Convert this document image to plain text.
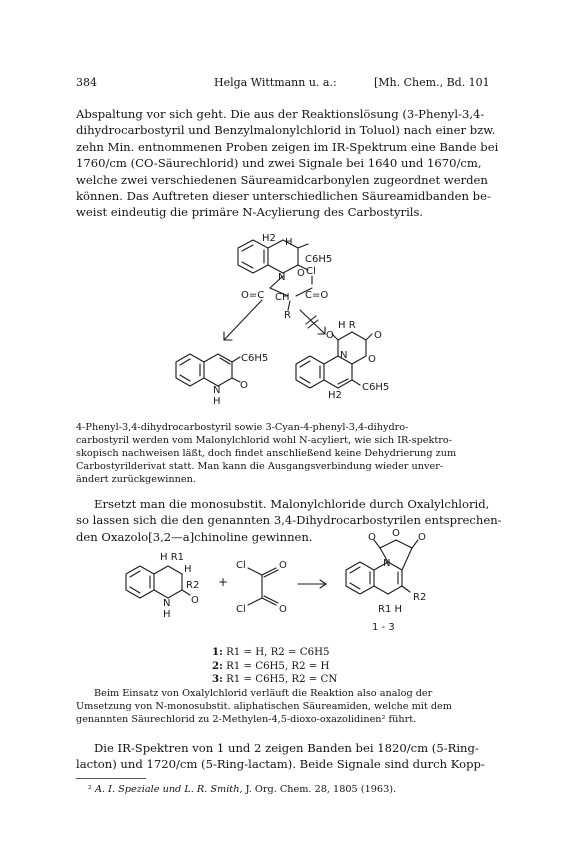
384	Helga Wittmann u. a.:	[Mh. Chem., Bd. 101
Abspaltung vor sich geht. Die aus der Reaktionslösung (3-Phenyl-3,4-
dihydrocarbostyril und Benzylmalonylchlorid in Toluol) nach einer bzw.
zehn Min. entnommenen Proben zeigen im IR-Spektrum eine Bande bei
1760/cm (CO-Säurechlorid) und zwei Signale bei 1640 und 1670/cm,
welche zwei verschiedenen Säureamidcarbonylen zugeordnet werden
können. Das Auftreten dieser unterschiedlichen Säureamidbanden be-
weist eindeutig die primäre N-Acylierung des Carbostyrils.
H2 H
C6H5
N O Cl
O=C CH C=O
R
C6H5
N
H
O
H R
O	O
O
N
H2
C6H5
H R1
H
R2
N O
H
+
Cl	O
Cl	O
O O O
N
R1 H
R2
1 - 3
4-Phenyl-3,4-dihydrocarbostyril sowie 3-Cyan-4-phenyl-3,4-dihydro-
carbostyril werden vom Malonylchlorid wohl N-acyliert, wie sich IR-spektro-
skopisch nachweisen läßt, doch findet anschließend keine Dehydrierung zum
Carbostyrilderivat statt. Man kann die Ausgangsverbindung wieder unver-
ändert zurückgewinnen.
Ersetzt man die monosubstit. Malonylchloride durch Oxalylchlorid,
so lassen sich die den genannten 3,4-Dihydrocarbostyrilen entsprechen-
den Oxazolo[3,2—a]chinoline gewinnen.
1: R1 = H, R2 = C6H5
2: R1 = C6H5, R2 = H
3: R1 = C6H5, R2 = CN
Beim Einsatz von Oxalylchlorid verläuft die Reaktion also analog der
Umsetzung von N-monosubstit. aliphatischen Säureamiden, welche mit dem
genannten Säurechlorid zu 2-Methylen-4,5-dioxo-oxazolidinen² führt.
Die IR-Spektren von 1 und 2 zeigen Banden bei 1820/cm (5-Ring-
lacton) und 1720/cm (5-Ring-lactam). Beide Signale sind durch Kopp-
² A. I. Speziale und L. R. Smith, J. Org. Chem. 28, 1805 (1963).
